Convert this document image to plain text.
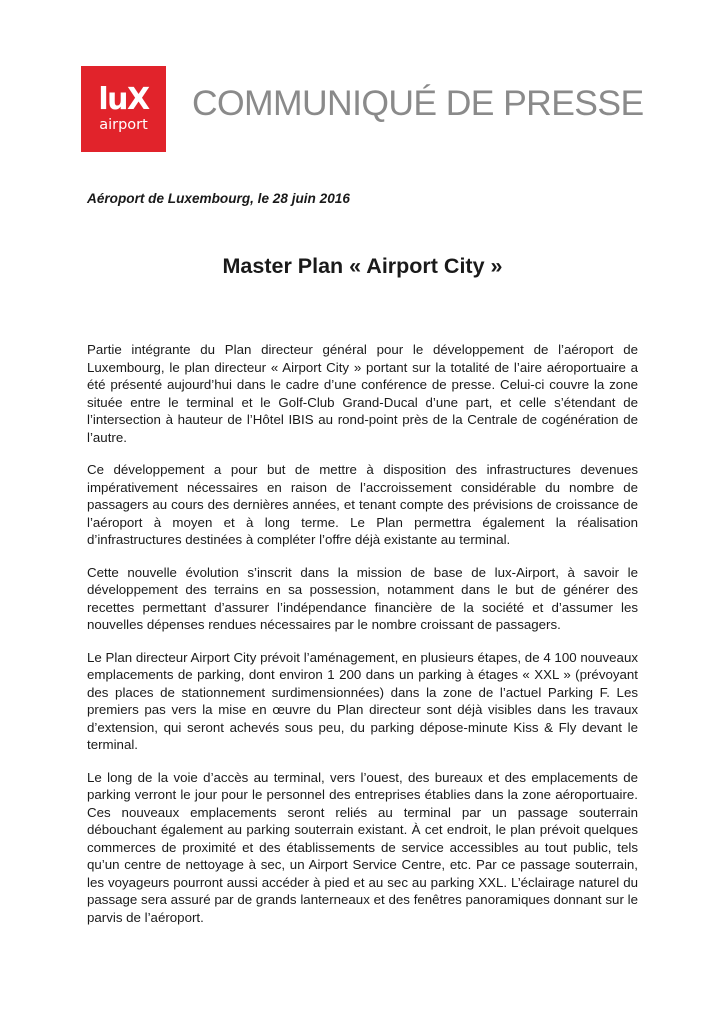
luX
airport
COMMUNIQUÉ DE PRESSE
Aéroport de Luxembourg, le 28 juin 2016
Master Plan « Airport City »

Partie intégrante du Plan directeur général pour le développement de l’aéroport de Luxembourg, le plan directeur « Airport City » portant sur la totalité de l’aire aéroportuaire a été présenté aujourd’hui dans le cadre d’une conférence de presse. Celui-ci couvre la zone située entre le terminal et le Golf-Club Grand-Ducal d’une part, et celle s’étendant de l’intersection à hauteur de l’Hôtel IBIS au rond-point près de la Centrale de cogénération de l’autre.

Ce développement a pour but de mettre à disposition des infrastructures devenues impérativement nécessaires en raison de l’accroissement considérable du nombre de passagers au cours des dernières années, et tenant compte des prévisions de croissance de l’aéroport à moyen et à long terme. Le Plan permettra également la réalisation d’infrastructures destinées à compléter l’offre déjà existante au terminal.

Cette nouvelle évolution s’inscrit dans la mission de base de lux-Airport, à savoir le développement des terrains en sa possession, notamment dans le but de générer des recettes permettant d’assurer l’indépendance financière de la société et d’assumer les nouvelles dépenses rendues nécessaires par le nombre croissant de passagers.

Le Plan directeur Airport City prévoit l’aménagement, en plusieurs étapes, de 4 100 nouveaux emplacements de parking, dont environ 1 200 dans un parking à étages « XXL » (prévoyant des places de stationnement surdimensionnées) dans la zone de l’actuel Parking F. Les premiers pas vers la mise en œuvre du Plan directeur sont déjà visibles dans les travaux d’extension, qui seront achevés sous peu, du parking dépose-minute Kiss & Fly devant le terminal.

Le long de la voie d’accès au terminal, vers l’ouest, des bureaux et des emplacements de parking verront le jour pour le personnel des entreprises établies dans la zone aéroportuaire. Ces nouveaux emplacements seront reliés au terminal par un passage souterrain débouchant également au parking souterrain existant. À cet endroit, le plan prévoit quelques commerces de proximité et des établissements de service accessibles au tout public, tels qu’un centre de nettoyage à sec, un Airport Service Centre, etc. Par ce passage souterrain, les voyageurs pourront aussi accéder à pied et au sec au parking XXL. L’éclairage naturel du passage sera assuré par de grands lanterneaux et des fenêtres panoramiques donnant sur le parvis de l’aéroport.
